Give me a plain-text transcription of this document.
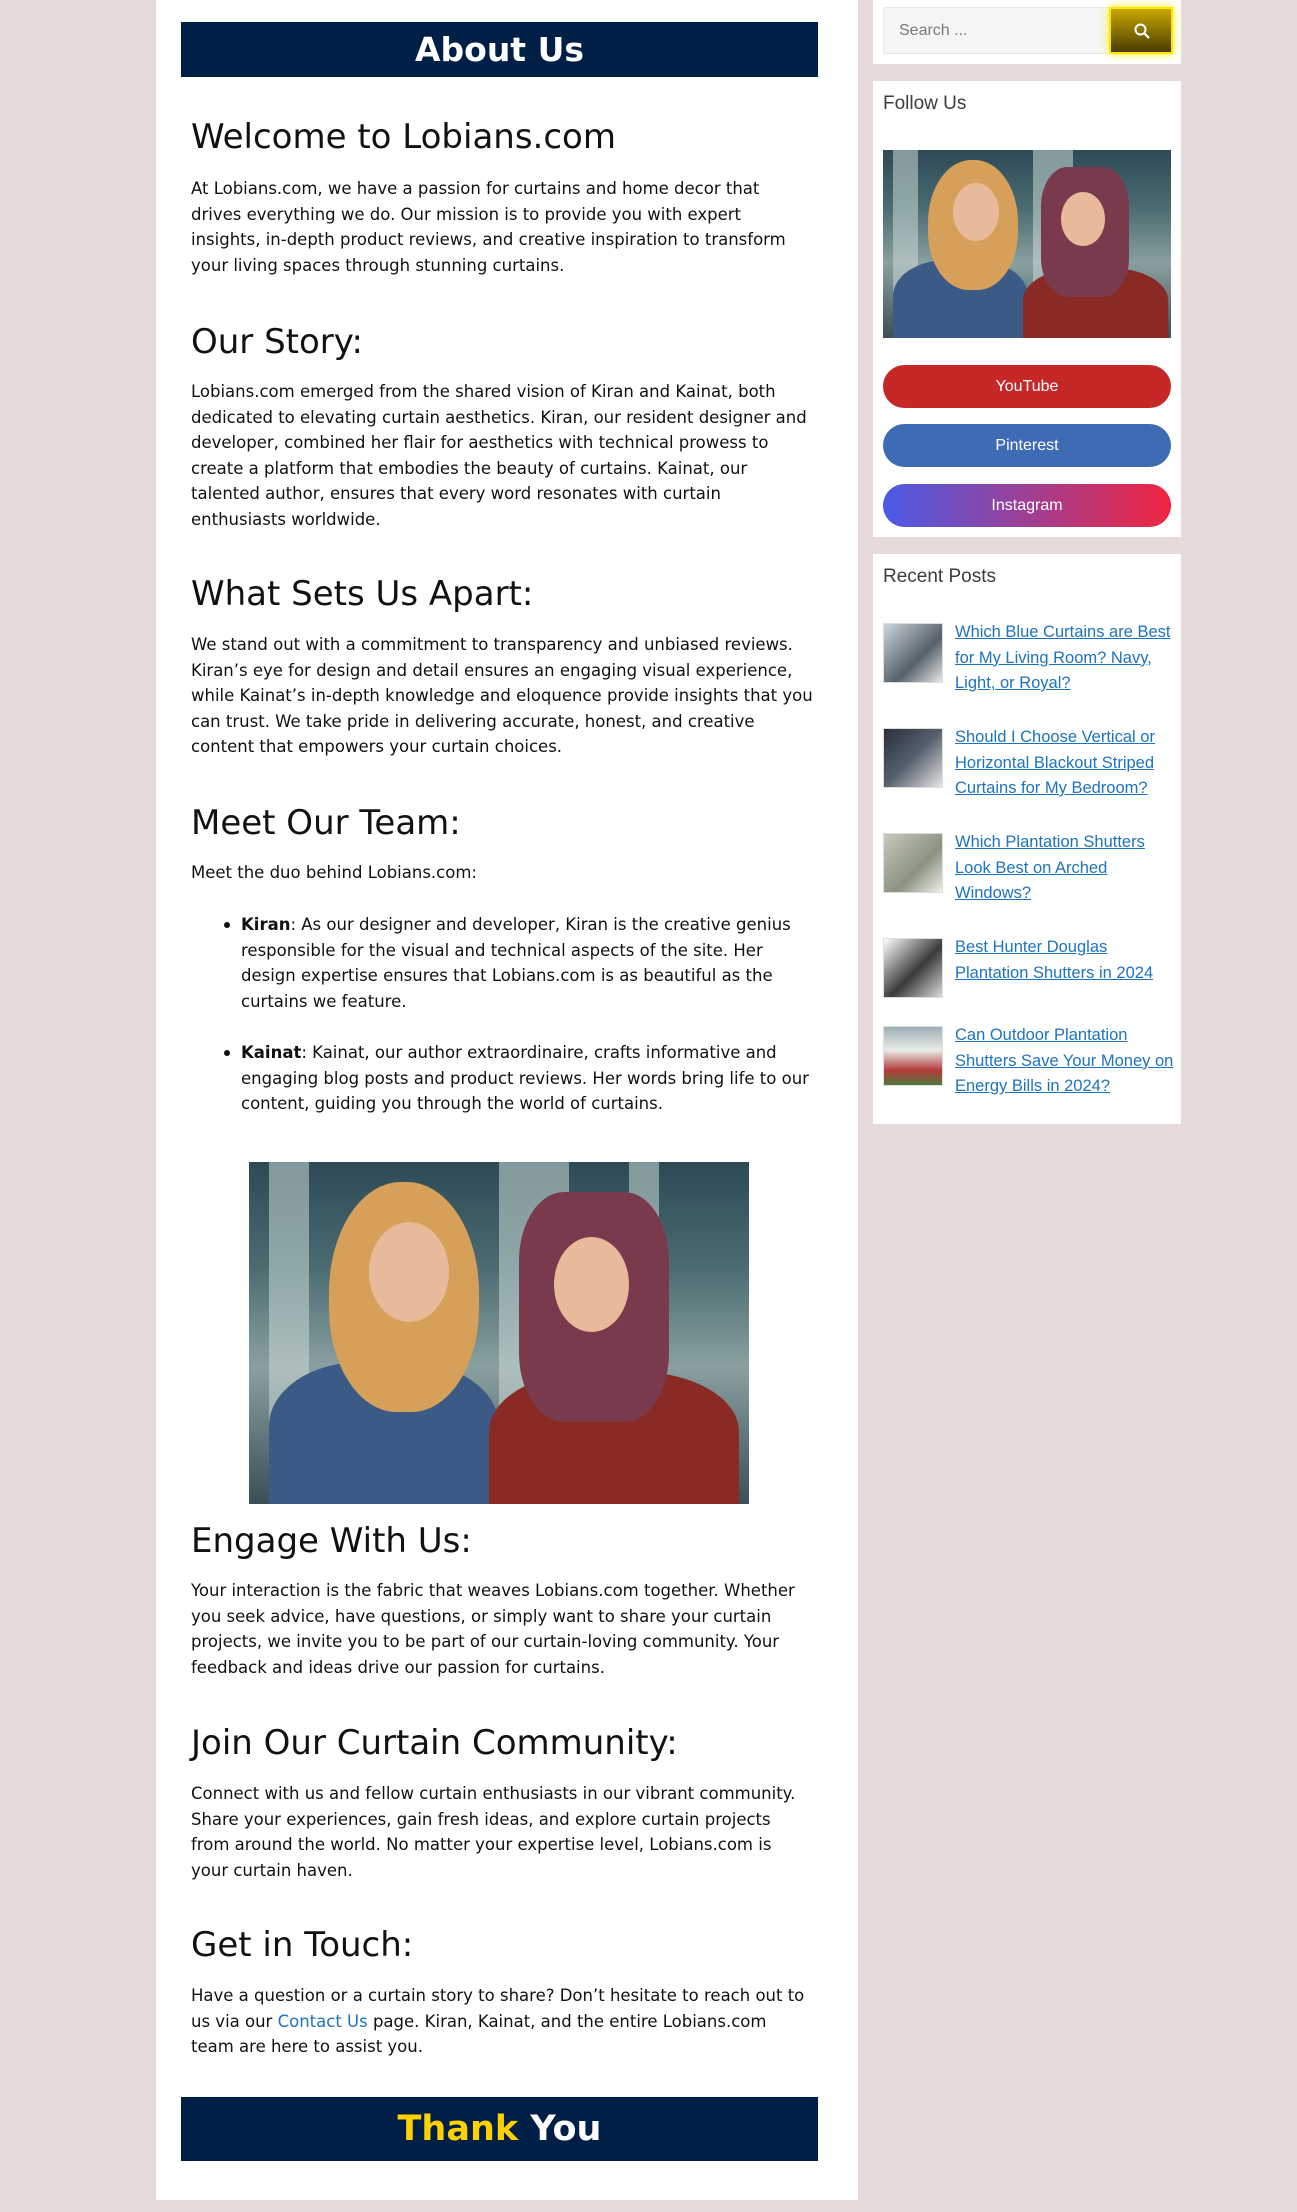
About Us
Welcome to Lobians.com

At Lobians.com, we have a passion for curtains and home decor that drives everything we do. Our mission is to provide you with expert insights, in-depth product reviews, and creative inspiration to transform your living spaces through stunning curtains.

Our Story:

Lobians.com emerged from the shared vision of Kiran and Kainat, both dedicated to elevating curtain aesthetics. Kiran, our resident designer and developer, combined her flair for aesthetics with technical prowess to create a platform that embodies the beauty of curtains. Kainat, our talented author, ensures that every word resonates with curtain enthusiasts worldwide.

What Sets Us Apart:

We stand out with a commitment to transparency and unbiased reviews. Kiran’s eye for design and detail ensures an engaging visual experience, while Kainat’s in-depth knowledge and eloquence provide insights that you can trust. We take pride in delivering accurate, honest, and creative content that empowers your curtain choices.

Meet Our Team:

Meet the duo behind Lobians.com:

Kiran: As our designer and developer, Kiran is the creative genius responsible for the visual and technical aspects of the site. Her design expertise ensures that Lobians.com is as beautiful as the curtains we feature.
Kainat: Kainat, our author extraordinaire, crafts informative and engaging blog posts and product reviews. Her words bring life to our content, guiding you through the world of curtains.
Engage With Us:

Your interaction is the fabric that weaves Lobians.com together. Whether you seek advice, have questions, or simply want to share your curtain projects, we invite you to be part of our curtain-loving community. Your feedback and ideas drive our passion for curtains.

Join Our Curtain Community:

Connect with us and fellow curtain enthusiasts in our vibrant community. Share your experiences, gain fresh ideas, and explore curtain projects from around the world. No matter your expertise level, Lobians.com is your curtain haven.

Get in Touch:

Have a question or a curtain story to share? Don’t hesitate to reach out to us via our Contact Us page. Kiran, Kainat, and the entire Lobians.com team are here to assist you.

Thank You
Search ...
Follow Us
YouTube
Pinterest
Instagram
Recent Posts
Which Blue Curtains are Best for My Living Room? Navy, Light, or Royal?
Should I Choose Vertical or Horizontal Blackout Striped Curtains for My Bedroom?
Which Plantation Shutters Look Best on Arched Windows?
Best Hunter Douglas Plantation Shutters in 2024
Can Outdoor Plantation Shutters Save Your Money on Energy Bills in 2024?
